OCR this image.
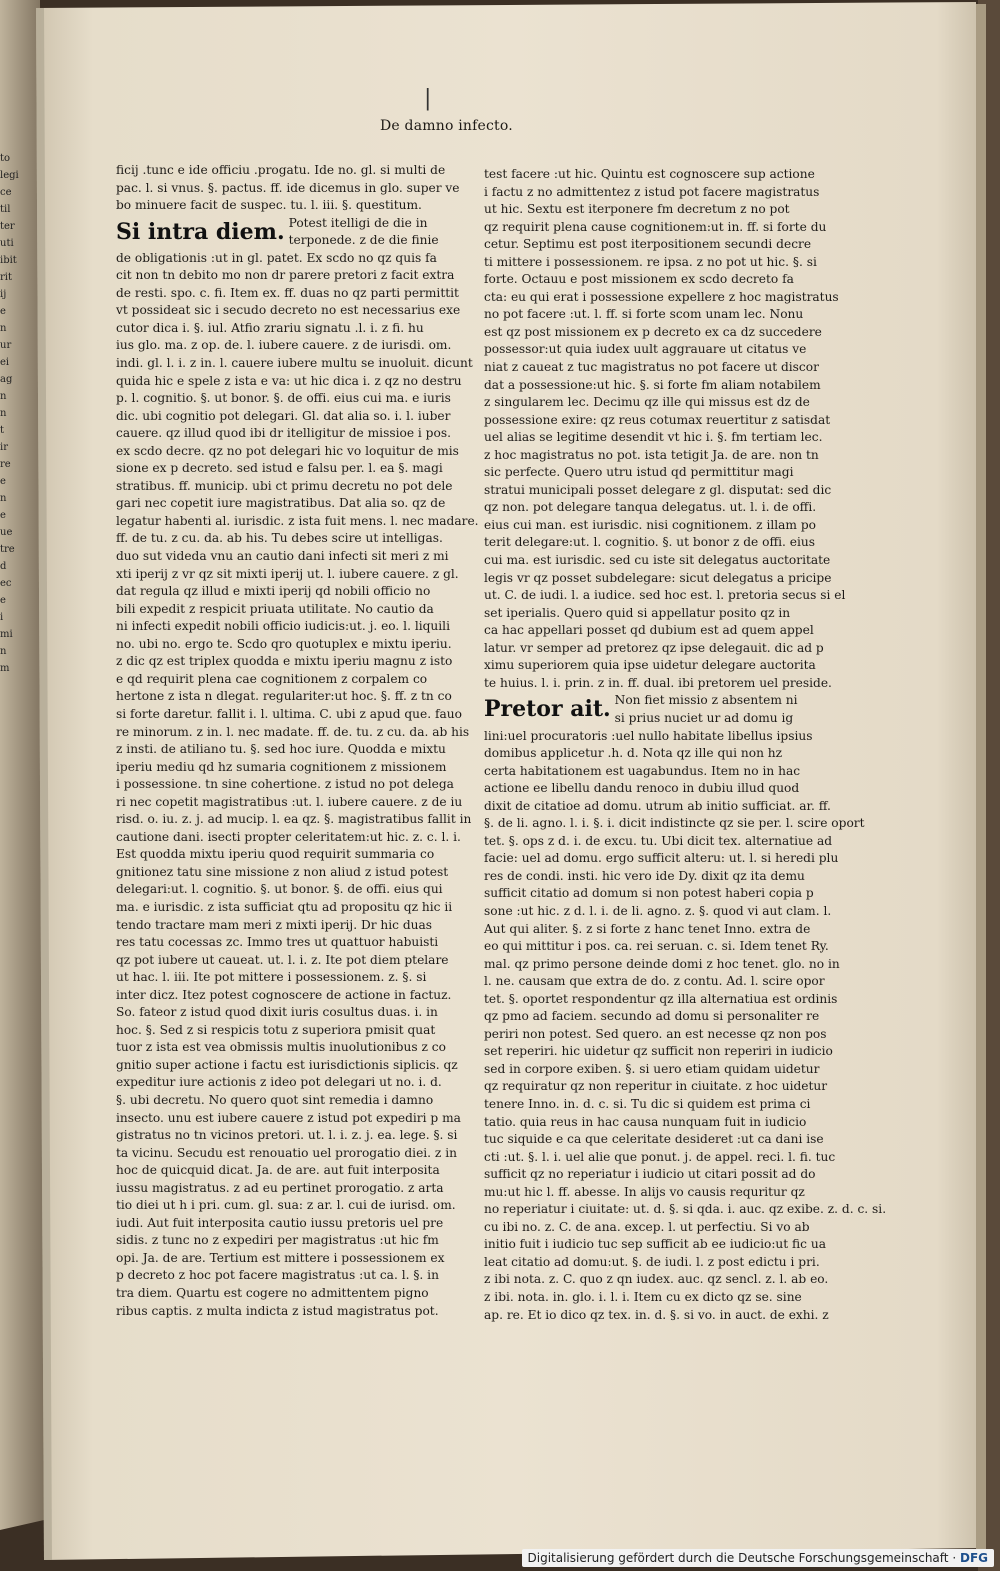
to
legi
ce
til
ter
uti
ibit
rit
ij
e
n
ur
ei
ag
n
n
t
ir
re
e
n
e
ue
tre
d
ec
e
i
mi
n
m
|
De damno infecto.
ficij .tunc e ide officiu .progatu. Ide no. gl. si multi de
pac. l. si vnus. §. pactus. ff. ide dicemus in glo. super ve
bo minuere facit de suspec. tu. l. iii. §. questitum.
Si intra diem. Potest itelligi de die in
terponede. z de die finie
de obligationis :ut in gl. patet. Ex scdo no qz quis fa
cit non tn debito mo non dr parere pretori z facit extra
de resti. spo. c. fi. Item ex. ff. duas no qz parti permittit
vt possideat sic i secudo decreto no est necessarius exe
cutor dica i. §. iul. Atfio zrariu signatu .l. i. z fi. hu
ius glo. ma. z op. de. l. iubere cauere. z de iurisdi. om.
indi. gl. l. i. z in. l. cauere iubere multu se inuoluit. dicunt
quida hic e spele z ista e va: ut hic dica i. z qz no destru
p. l. cognitio. §. ut bonor. §. de offi. eius cui ma. e iuris
dic. ubi cognitio pot delegari. Gl. dat alia so. i. l. iuber
cauere. qz illud quod ibi dr itelligitur de missioe i pos.
ex scdo decre. qz no pot delegari hic vo loquitur de mis
sione ex p decreto. sed istud e falsu per. l. ea §. magi
stratibus. ff. municip. ubi ct primu decretu no pot dele
gari nec copetit iure magistratibus. Dat alia so. qz de
legatur habenti al. iurisdic. z ista fuit mens. l. nec madare.
ff. de tu. z cu. da. ab his. Tu debes scire ut intelligas.
duo sut videda vnu an cautio dani infecti sit meri z mi
xti iperij z vr qz sit mixti iperij ut. l. iubere cauere. z gl.
dat regula qz illud e mixti iperij qd nobili officio no
bili expedit z respicit priuata utilitate. No cautio da
ni infecti expedit nobili officio iudicis:ut. j. eo. l. liquili
no. ubi no. ergo te. Scdo qro quotuplex e mixtu iperiu.
z dic qz est triplex quodda e mixtu iperiu magnu z isto
e qd requirit plena cae cognitionem z corpalem co
hertone z ista n dlegat. regulariter:ut hoc. §. ff. z tn co
si forte daretur. fallit i. l. ultima. C. ubi z apud que. fauo
re minorum. z in. l. nec madate. ff. de. tu. z cu. da. ab his
z insti. de atiliano tu. §. sed hoc iure. Quodda e mixtu
iperiu mediu qd hz sumaria cognitionem z missionem
i possessione. tn sine cohertione. z istud no pot delega
ri nec copetit magistratibus :ut. l. iubere cauere. z de iu
risd. o. iu. z. j. ad mucip. l. ea qz. §. magistratibus fallit in
cautione dani. isecti propter celeritatem:ut hic. z. c. l. i.
Est quodda mixtu iperiu quod requirit summaria co
gnitionez tatu sine missione z non aliud z istud potest
delegari:ut. l. cognitio. §. ut bonor. §. de offi. eius qui
ma. e iurisdic. z ista sufficiat qtu ad propositu qz hic ii
tendo tractare mam meri z mixti iperij. Dr hic duas
res tatu cocessas zc. Immo tres ut quattuor habuisti
qz pot iubere ut caueat. ut. l. i. z. Ite pot diem ptelare
ut hac. l. iii. Ite pot mittere i possessionem. z. §. si
inter dicz. Itez potest cognoscere de actione in factuz.
So. fateor z istud quod dixit iuris cosultus duas. i. in
hoc. §. Sed z si respicis totu z superiora pmisit quat
tuor z ista est vea obmissis multis inuolutionibus z co
gnitio super actione i factu est iurisdictionis siplicis. qz
expeditur iure actionis z ideo pot delegari ut no. i. d.
§. ubi decretu. No quero quot sint remedia i damno
insecto. unu est iubere cauere z istud pot expediri p ma
gistratus no tn vicinos pretori. ut. l. i. z. j. ea. lege. §. si
ta vicinu. Secudu est renouatio uel prorogatio diei. z in
hoc de quicquid dicat. Ja. de are. aut fuit interposita
iussu magistratus. z ad eu pertinet prorogatio. z arta
tio diei ut h i pri. cum. gl. sua: z ar. l. cui de iurisd. om.
iudi. Aut fuit interposita cautio iussu pretoris uel pre
sidis. z tunc no z expediri per magistratus :ut hic fm
opi. Ja. de are. Tertium est mittere i possessionem ex
p decreto z hoc pot facere magistratus :ut ca. l. §. in
tra diem. Quartu est cogere no admittentem pigno
ribus captis. z multa indicta z istud magistratus pot.
test facere :ut hic. Quintu est cognoscere sup actione
i factu z no admittentez z istud pot facere magistratus
ut hic. Sextu est iterponere fm decretum z no pot
qz requirit plena cause cognitionem:ut in. ff. si forte du
cetur. Septimu est post iterpositionem secundi decre
ti mittere i possessionem. re ipsa. z no pot ut hic. §. si
forte. Octauu e post missionem ex scdo decreto fa
cta: eu qui erat i possessione expellere z hoc magistratus
no pot facere :ut. l. ff. si forte scom unam lec. Nonu
est qz post missionem ex p decreto ex ca dz succedere
possessor:ut quia iudex uult aggrauare ut citatus ve
niat z caueat z tuc magistratus no pot facere ut discor
dat a possessione:ut hic. §. si forte fm aliam notabilem
z singularem lec. Decimu qz ille qui missus est dz de
possessione exire: qz reus cotumax reuertitur z satisdat
uel alias se legitime desendit vt hic i. §. fm tertiam lec.
z hoc magistratus no pot. ista tetigit Ja. de are. non tn
sic perfecte. Quero utru istud qd permittitur magi
stratui municipali posset delegare z gl. disputat: sed dic
qz non. pot delegare tanqua delegatus. ut. l. i. de offi.
eius cui man. est iurisdic. nisi cognitionem. z illam po
terit delegare:ut. l. cognitio. §. ut bonor z de offi. eius
cui ma. est iurisdic. sed cu iste sit delegatus auctoritate
legis vr qz posset subdelegare: sicut delegatus a pricipe
ut. C. de iudi. l. a iudice. sed hoc est. l. pretoria secus si el
set iperialis. Quero quid si appellatur posito qz in
ca hac appellari posset qd dubium est ad quem appel
latur. vr semper ad pretorez qz ipse delegauit. dic ad p
ximu superiorem quia ipse uidetur delegare auctorita
te huius. l. i. prin. z in. ff. dual. ibi pretorem uel preside.
Pretor ait. Non fiet missio z absentem ni
si prius nuciet ur ad domu ig
lini:uel procuratoris :uel nullo habitate libellus ipsius
domibus applicetur .h. d. Nota qz ille qui non hz
certa habitationem est uagabundus. Item no in hac
actione ee libellu dandu renoco in dubiu illud quod
dixit de citatioe ad domu. utrum ab initio sufficiat. ar. ff.
§. de li. agno. l. i. §. i. dicit indistincte qz sie per. l. scire oport
tet. §. ops z d. i. de excu. tu. Ubi dicit tex. alternatiue ad
facie: uel ad domu. ergo sufficit alteru: ut. l. si heredi plu
res de condi. insti. hic vero ide Dy. dixit qz ita demu
sufficit citatio ad domum si non potest haberi copia p
sone :ut hic. z d. l. i. de li. agno. z. §. quod vi aut clam. l.
Aut qui aliter. §. z si forte z hanc tenet Inno. extra de
eo qui mittitur i pos. ca. rei seruan. c. si. Idem tenet Ry.
mal. qz primo persone deinde domi z hoc tenet. glo. no in
l. ne. causam que extra de do. z contu. Ad. l. scire opor
tet. §. oportet respondentur qz illa alternatiua est ordinis
qz pmo ad faciem. secundo ad domu si personaliter re
periri non potest. Sed quero. an est necesse qz non pos
set reperiri. hic uidetur qz sufficit non reperiri in iudicio
sed in corpore exiben. §. si uero etiam quidam uidetur
qz requiratur qz non reperitur in ciuitate. z hoc uidetur
tenere Inno. in. d. c. si. Tu dic si quidem est prima ci
tatio. quia reus in hac causa nunquam fuit in iudicio
tuc siquide e ca que celeritate desideret :ut ca dani ise
cti :ut. §. l. i. uel alie que ponut. j. de appel. reci. l. fi. tuc
sufficit qz no reperiatur i iudicio ut citari possit ad do
mu:ut hic l. ff. abesse. In alijs vo causis requritur qz
no reperiatur i ciuitate: ut. d. §. si qda. i. auc. qz exibe. z. d. c. si.
cu ibi no. z. C. de ana. excep. l. ut perfectiu. Si vo ab
initio fuit i iudicio tuc sep sufficit ab ee iudicio:ut fic ua
leat citatio ad domu:ut. §. de iudi. l. z post edictu i pri.
z ibi nota. z. C. quo z qn iudex. auc. qz sencl. z. l. ab eo.
z ibi. nota. in. glo. i. l. i. Item cu ex dicto qz se. sine
ap. re. Et io dico qz tex. in. d. §. si vo. in auct. de exhi. z
Digitalisierung gefördert durch die Deutsche Forschungsgemeinschaft · DFG
